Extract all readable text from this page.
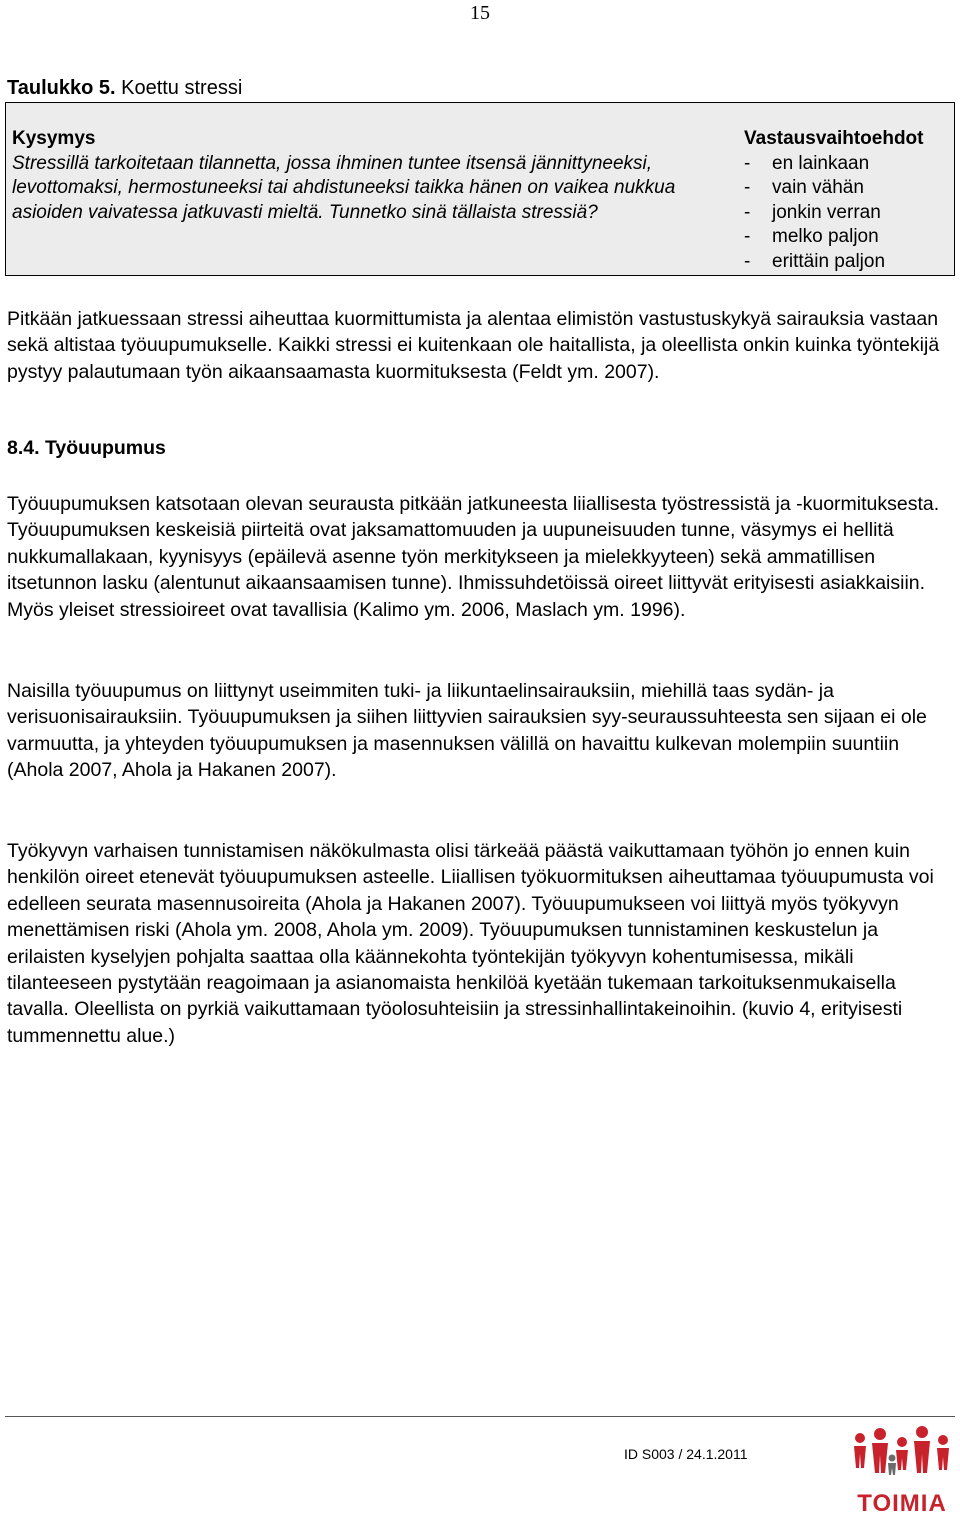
15
Taulukko 5. Koettu stressi
Kysymys
Stressillä tarkoitetaan tilannetta, jossa ihminen tuntee itsensä jännittyneeksi, levottomaksi, hermostuneeksi tai ahdistuneeksi taikka hänen on vaikea nukkua asioiden vaivatessa jatkuvasti mieltä. Tunnetko sinä tällaista stressiä?
Vastausvaihtoehdot
- en lainkaan
- vain vähän
- jonkin verran
- melko paljon
- erittäin paljon

Pitkään jatkuessaan stressi aiheuttaa kuormittumista ja alentaa elimistön vastustuskykyä sairauksia vastaan sekä altistaa työuupumukselle. Kaikki stressi ei kuitenkaan ole haitallista, ja oleellista onkin kuinka työntekijä pystyy palautumaan työn aikaansaamasta kuormituksesta (Feldt ym. 2007).

8.4. Työuupumus

Työuupumuksen katsotaan olevan seurausta pitkään jatkuneesta liiallisesta työstressistä ja -kuormituksesta. Työuupumuksen keskeisiä piirteitä ovat jaksamattomuuden ja uupuneisuuden tunne, väsymys ei hellitä nukkumallakaan, kyynisyys (epäilevä asenne työn merkitykseen ja mielekkyyteen) sekä ammatillisen itsetunnon lasku (alentunut aikaansaamisen tunne). Ihmissuhdetöissä oireet liittyvät erityisesti asiakkaisiin. Myös yleiset stressioireet ovat tavallisia (Kalimo ym. 2006, Maslach ym. 1996).

Naisilla työuupumus on liittynyt useimmiten tuki- ja liikuntaelinsairauksiin, miehillä taas sydän- ja verisuonisairauksiin. Työuupumuksen ja siihen liittyvien sairauksien syy-seuraussuhteesta sen sijaan ei ole varmuutta, ja yhteyden työuupumuksen ja masennuksen välillä on havaittu kulkevan molempiin suuntiin (Ahola 2007, Ahola ja Hakanen 2007).

Työkyvyn varhaisen tunnistamisen näkökulmasta olisi tärkeää päästä vaikuttamaan työhön jo ennen kuin henkilön oireet etenevät työuupumuksen asteelle. Liiallisen työkuormituksen aiheuttamaa työuupumusta voi edelleen seurata masennusoireita (Ahola ja Hakanen 2007). Työuupumukseen voi liittyä myös työkyvyn menettämisen riski (Ahola ym. 2008, Ahola ym. 2009). Työuupumuksen tunnistaminen keskustelun ja erilaisten kyselyjen pohjalta saattaa olla käännekohta työntekijän työkyvyn kohentumisessa, mikäli tilanteeseen pystytään reagoimaan ja asianomaista henkilöä kyetään tukemaan tarkoituksenmukaisella tavalla. Oleellista on pyrkiä vaikuttamaan työolosuhteisiin ja stressinhallintakeinoihin. (kuvio 4, erityisesti tummennettu alue.)

ID S003 / 24.1.2011
TOIMIA
